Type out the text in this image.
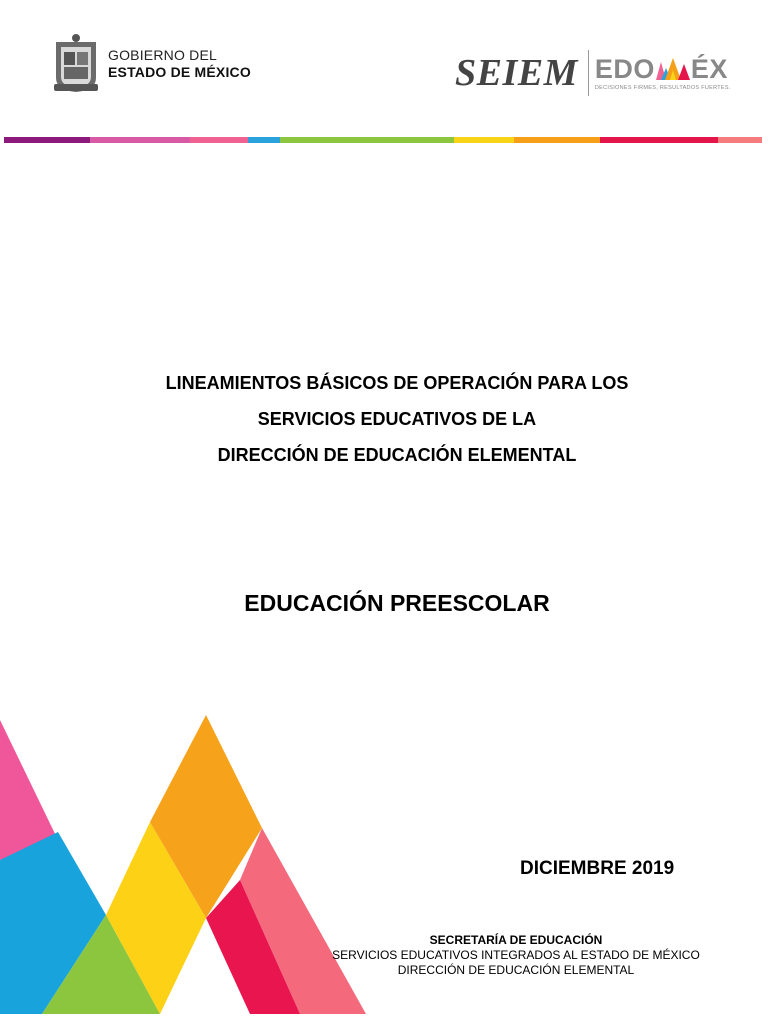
GOBIERNO DEL
ESTADO DE MÉXICO	SEIEM EDO ÉX
DECISIONES FIRMES, RESULTADOS FUERTES.

LINEAMIENTOS BÁSICOS DE OPERACIÓN PARA LOS

SERVICIOS EDUCATIVOS DE LA

DIRECCIÓN DE EDUCACIÓN ELEMENTAL

EDUCACIÓN PREESCOLAR

DICIEMBRE 2019

SECRETARÍA DE EDUCACIÓN
SERVICIOS EDUCATIVOS INTEGRADOS AL ESTADO DE MÉXICO
DIRECCIÓN DE EDUCACIÓN ELEMENTAL
